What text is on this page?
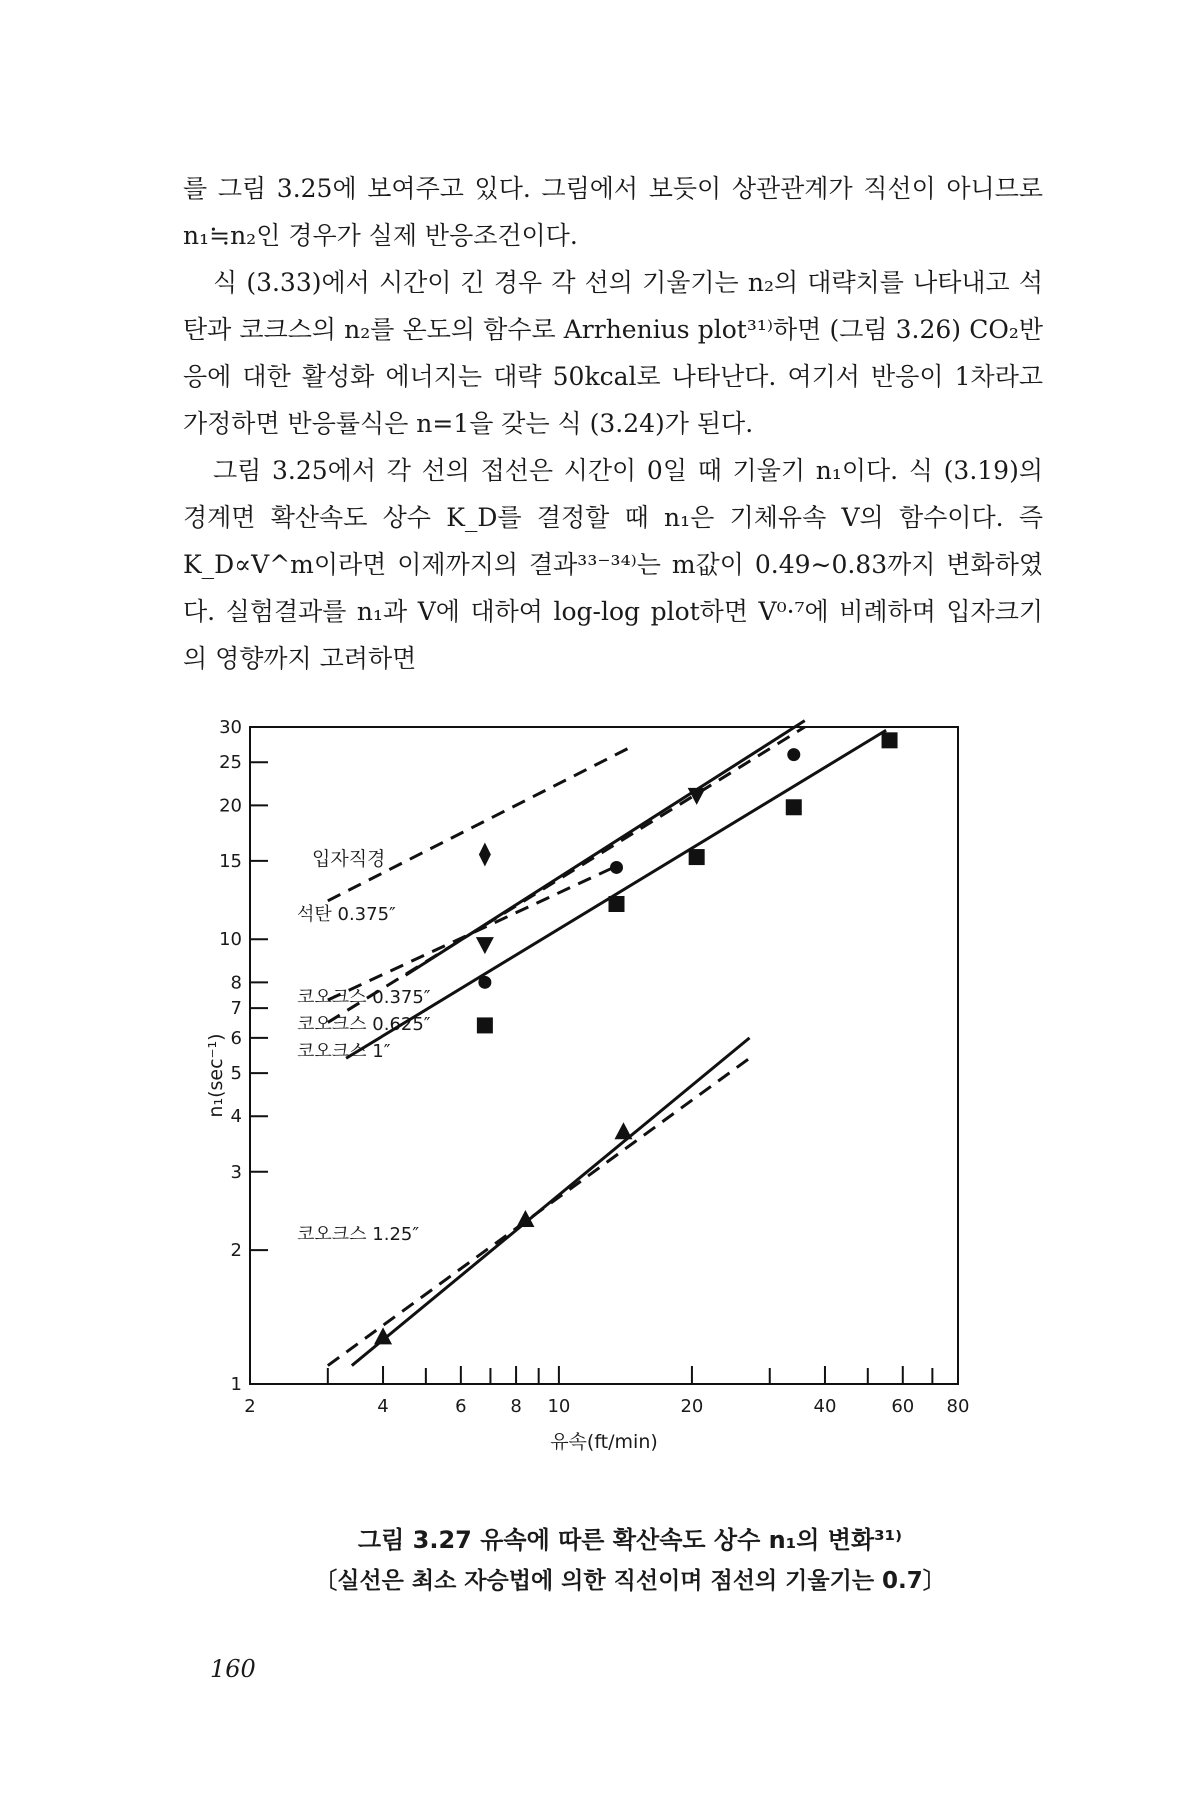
를 그림 3.25에 보여주고 있다. 그림에서 보듯이 상관관계가 직선이 아니므로 n₁≒n₂인 경우가 실제 반응조건이다.

식 (3.33)에서 시간이 긴 경우 각 선의 기울기는 n₂의 대략치를 나타내고 석탄과 코크스의 n₂를 온도의 함수로 Arrhenius plot³¹⁾하면 (그림 3.26) CO₂반응에 대한 활성화 에너지는 대략 50kcal로 나타난다. 여기서 반응이 1차라고 가정하면 반응률식은 n=1을 갖는 식 (3.24)가 된다.

그림 3.25에서 각 선의 접선은 시간이 0일 때 기울기 n₁이다. 식 (3.19)의 경계면 확산속도 상수 K_D를 결정할 때 n₁은 기체유속 V의 함수이다. 즉 K_D∝V^m이라면 이제까지의 결과³³⁻³⁴⁾는 m값이 0.49∼0.83까지 변화하였다. 실험결과를 n₁과 V에 대하여 log-log plot하면 V⁰·⁷에 비례하며 입자크기의 영향까지 고려하면

1
2
3
4
5
6
7
8
10
15
20
25
30
2	4	6 8 10	20	40	60 80
유속(ft/min)
n₁(sec⁻¹)
입자직경
석탄 0.375″
코오크스 0.375″
코오크스 0.625″
코오크스 1″
코오크스 1.25″
그림 3.27 유속에 따른 확산속도 상수 n₁의 변화³¹⁾
〔실선은 최소 자승법에 의한 직선이며 점선의 기울기는 0.7〕
160
